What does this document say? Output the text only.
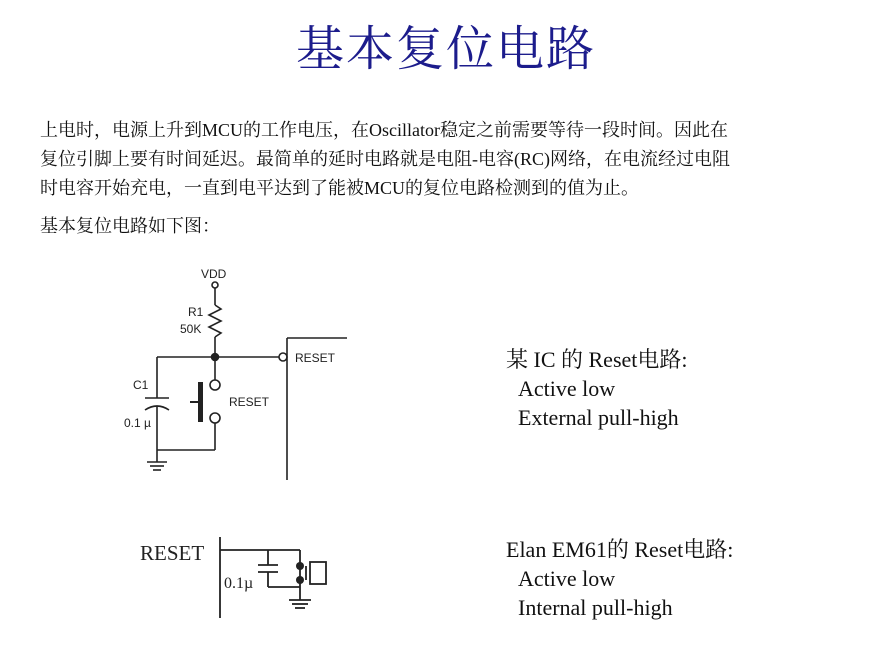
基本复位电路

上电时，电源上升到MCU的工作电压，在Oscillator稳定之前需要等待一段时间。因此在
复位引脚上要有时间延迟。最简单的延时电路就是电阻-电容(RC)网络，在电流经过电阻
时电容开始充电，一直到电平达到了能被MCU的复位电路检测到的值为止。

基本复位电路如下图：

VDD
R1
50K
C1
0.1 µ
RESET
RESET
RESET
0.1µ
某 IC 的 Reset电路:
Active low
External pull-high
Elan EM61的 Reset电路:
Active low
Internal pull-high
